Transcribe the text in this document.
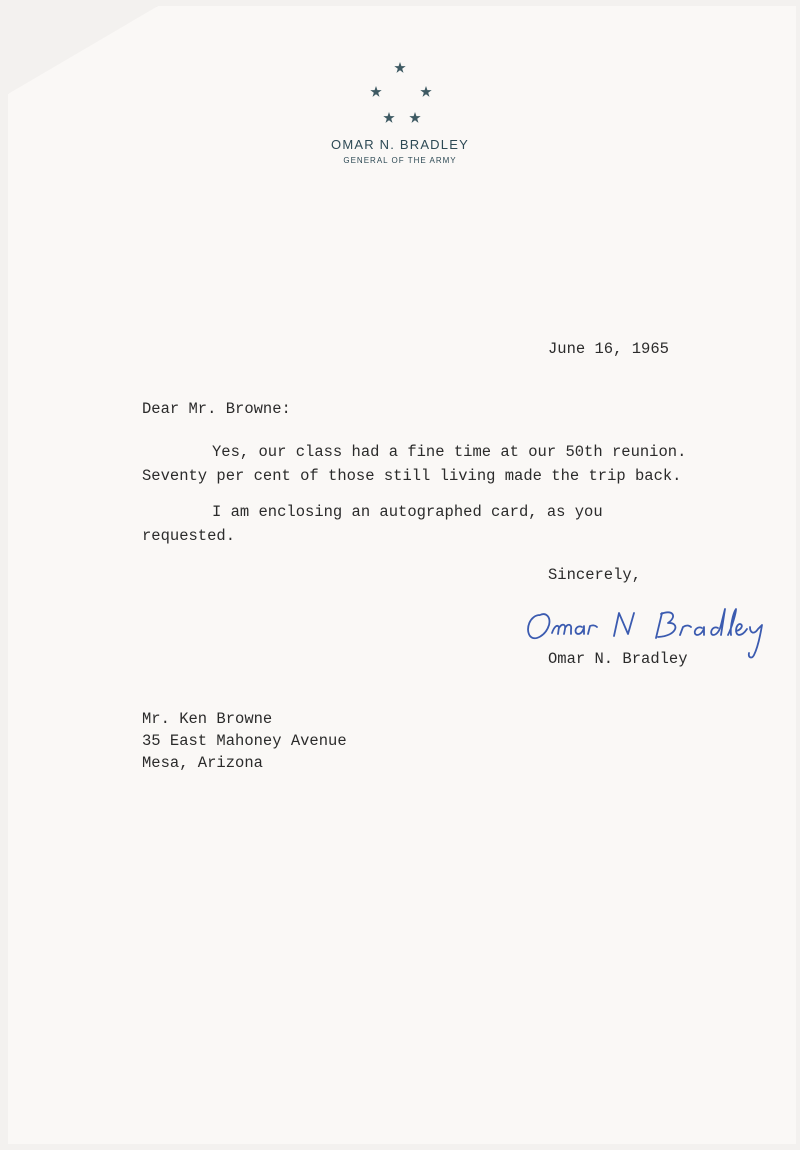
OMAR N. BRADLEY
GENERAL OF THE ARMY
June 16, 1965
Dear Mr. Browne:
Yes, our class had a fine time at our 50th reunion.
Seventy per cent of those still living made the trip back.
I am enclosing an autographed card, as you
requested.
Sincerely,
Omar N Bradley
Omar N. Bradley
Mr. Ken Browne
35 East Mahoney Avenue
Mesa, Arizona
